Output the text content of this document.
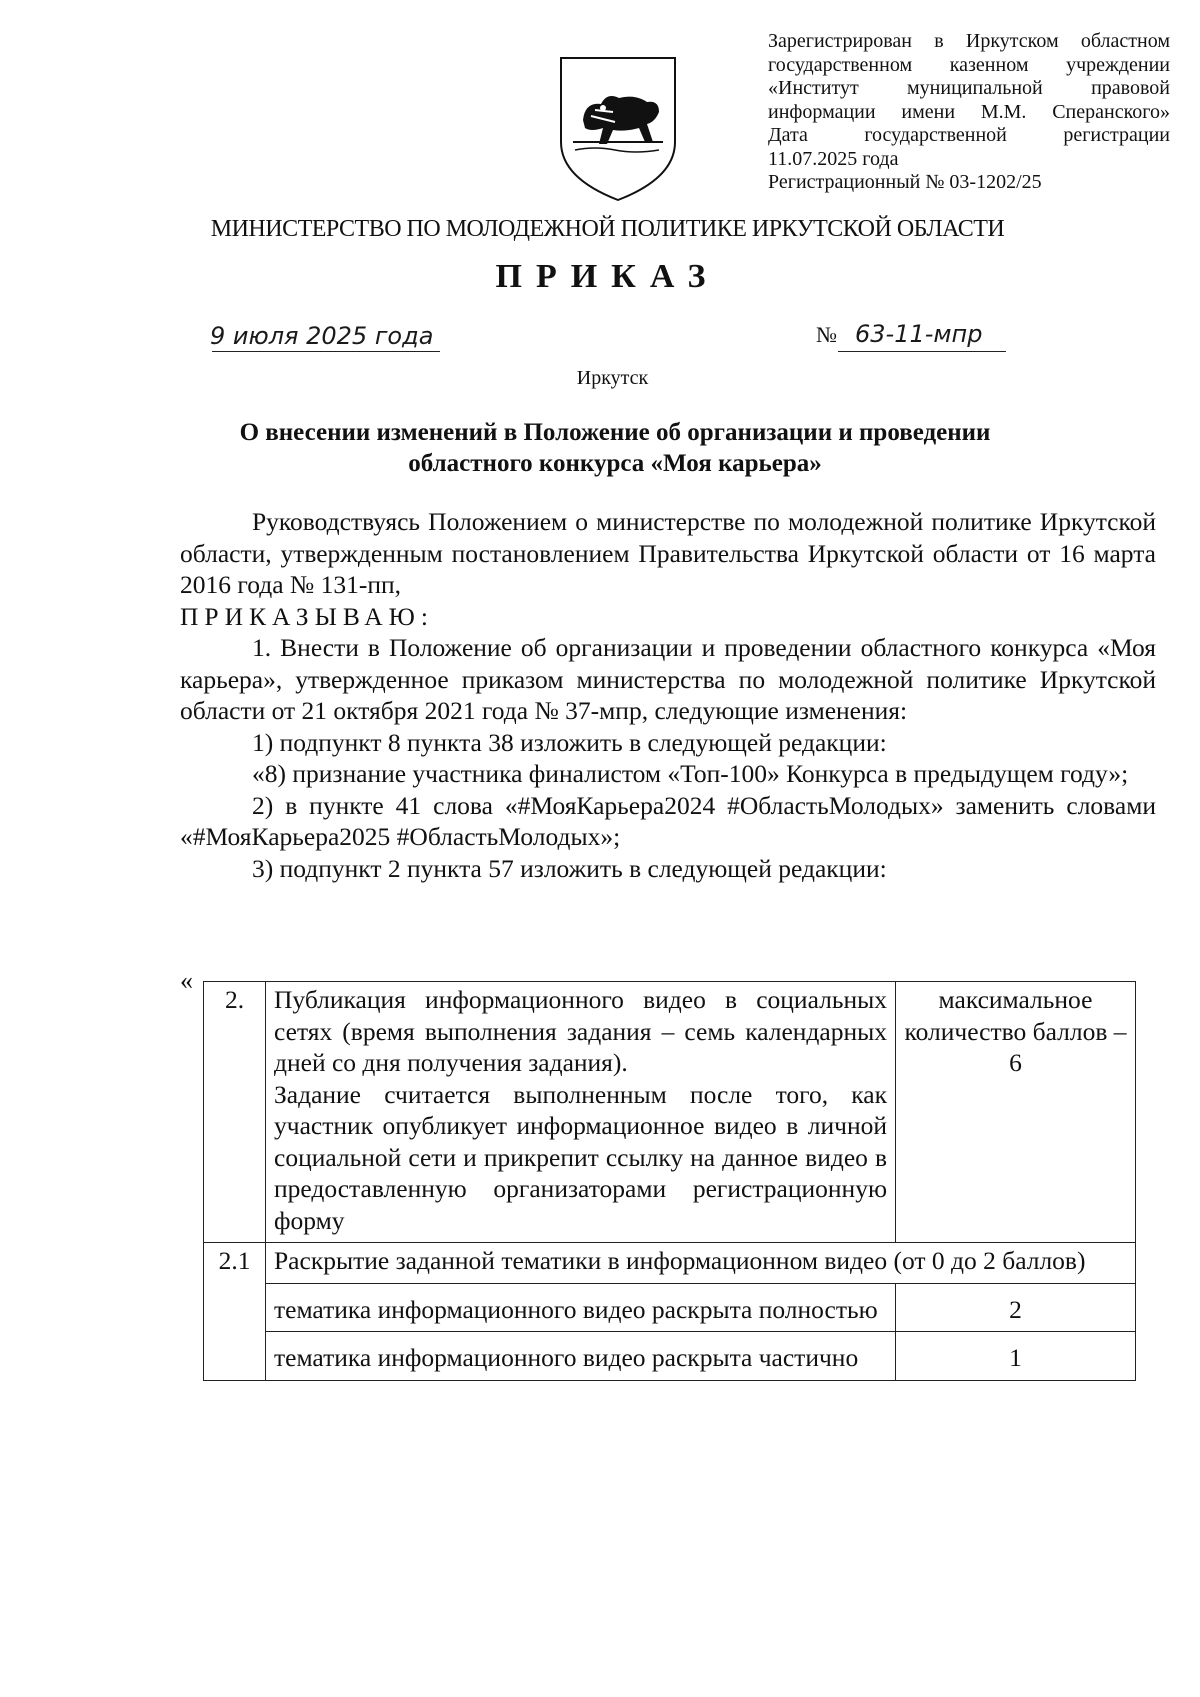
Зарегистрирован в Иркутском областном
государственном казенном учреждении
«Институт муниципальной правовой
информации имени М.М. Сперанского»
Дата государственной регистрации
11.07.2025 года
Регистрационный № 03-1202/25
МИНИСТЕРСТВО ПО МОЛОДЕЖНОЙ ПОЛИТИКЕ ИРКУТСКОЙ ОБЛАСТИ
ПРИКАЗ
9 июля 2025 года	№ 63-11-мпр
Иркутск
О внесении изменений в Положение об организации и проведении
областного конкурса «Моя карьера»
Руководствуясь Положением о министерстве по молодежной политике Иркутской области, утвержденным постановлением Правительства Иркутской области от 16 марта 2016 года № 131-пп,
ПРИКАЗЫВАЮ:
1. Внести в Положение об организации и проведении областного конкурса «Моя карьера», утвержденное приказом министерства по молодежной политике Иркутской области от 21 октября 2021 года № 37-мпр, следующие изменения:
1) подпункт 8 пункта 38 изложить в следующей редакции:
«8) признание участника финалистом «Топ-100» Конкурса в предыдущем году»;
2) в пункте 41 слова «#МояКарьера2024 #ОбластьМолодых» заменить словами «#МояКарьера2025 #ОбластьМолодых»;
3) подпункт 2 пункта 57 изложить в следующей редакции:
«
2.	Публикация информационного видео в социальных сетях (время выполнения задания – семь календарных дней со дня получения задания).
Задание считается выполненным после того, как участник опубликует информационное видео в личной социальной сети и прикрепит ссылку на данное видео в предоставленную организаторами регистрационную форму	максимальное количество баллов – 6
2.1	Раскрытие заданной тематики в информационном видео (от 0 до 2 баллов)	
	тематика информационного видео раскрыта полностью	2
	тематика информационного видео раскрыта частично	1
